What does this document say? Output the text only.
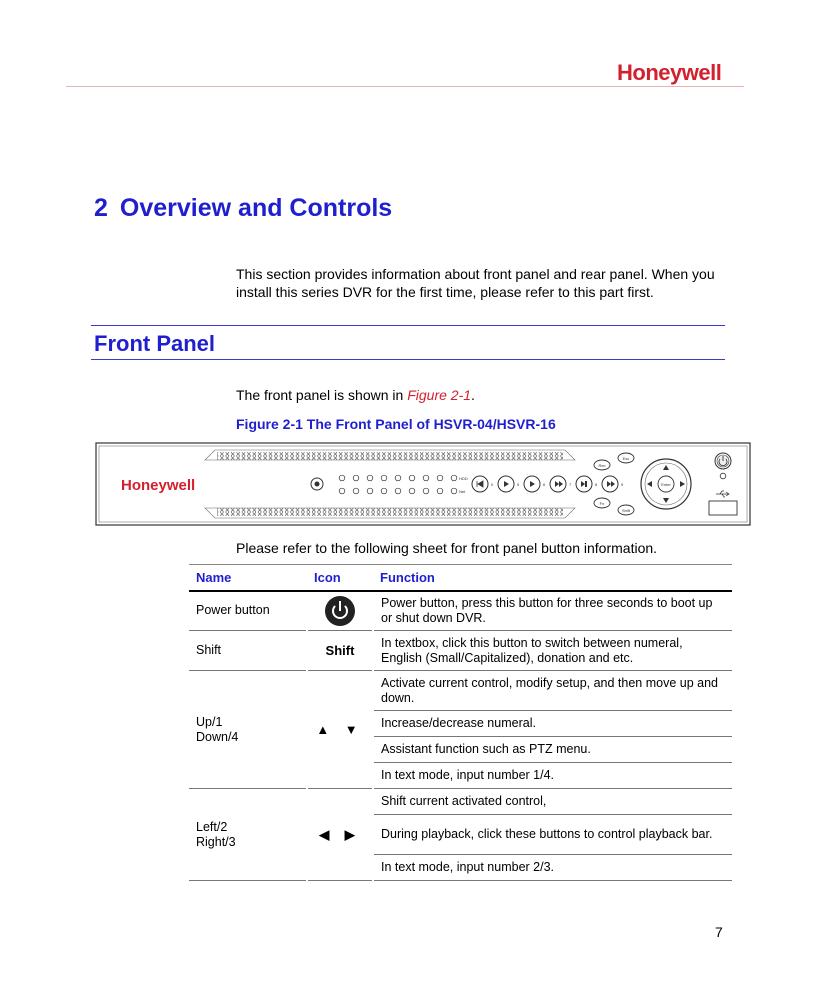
Honeywell
2 Overview and Controls

This section provides information about front panel and rear panel. When you install this series DVR for the first time, please refer to this part first.

Front Panel

The front panel is shown in Figure 2-1.

Figure 2-1 The Front Panel of HSVR-04/HSVR-16

Honeywell	HDD
Net
0	5	6	7	8	9
Esc
Rec
Fn
Shift
Enter

Please refer to the following sheet for front panel button information.

Name	Icon	Function
Power button		Power button, press this button for three seconds to boot up or shut down DVR.
Shift	Shift	In textbox, click this button to switch between numeral, English (Small/Capitalized), donation and etc.
Up/1
Down/4	▲ ▼	Activate current control, modify setup, and then move up and down.
		Increase/decrease numeral.
		Assistant function such as PTZ menu.
		In text mode, input number 1/4.
Left/2
Right/3	◀ ▶	Shift current activated control,
		During playback, click these buttons to control playback bar.
		In text mode, input number 2/3.
7
